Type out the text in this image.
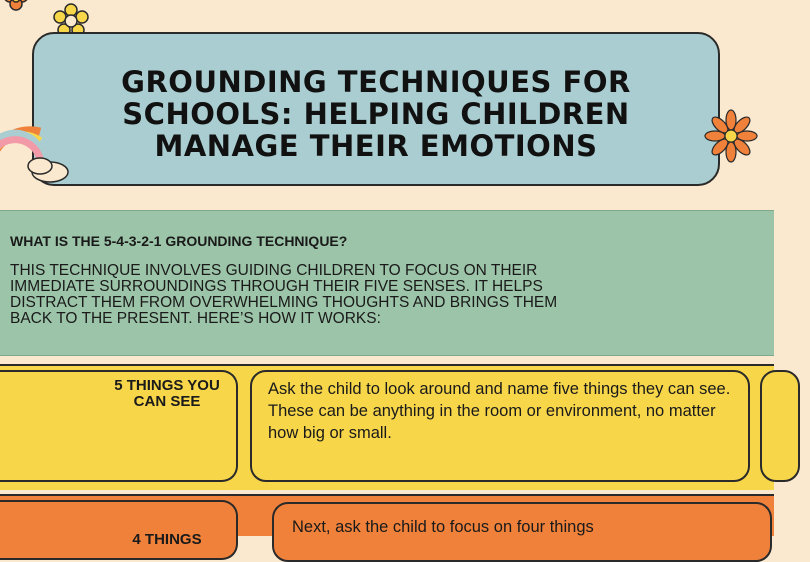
GROUNDING TECHNIQUES FOR SCHOOLS: HELPING CHILDREN MANAGE THEIR EMOTIONS
WHAT IS THE 5-4-3-2-1 GROUNDING TECHNIQUE?
THIS TECHNIQUE INVOLVES GUIDING CHILDREN TO FOCUS ON THEIR
IMMEDIATE SURROUNDINGS THROUGH THEIR FIVE SENSES. IT HELPS
DISTRACT THEM FROM OVERWHELMING THOUGHTS AND BRINGS THEM
BACK TO THE PRESENT. HERE’S HOW IT WORKS:
5 THINGS YOU CAN SEE
Ask the child to look around and name five things they can see. These can be anything in the room or environment, no matter how big or small.
4 THINGS
Next, ask the child to focus on four things
